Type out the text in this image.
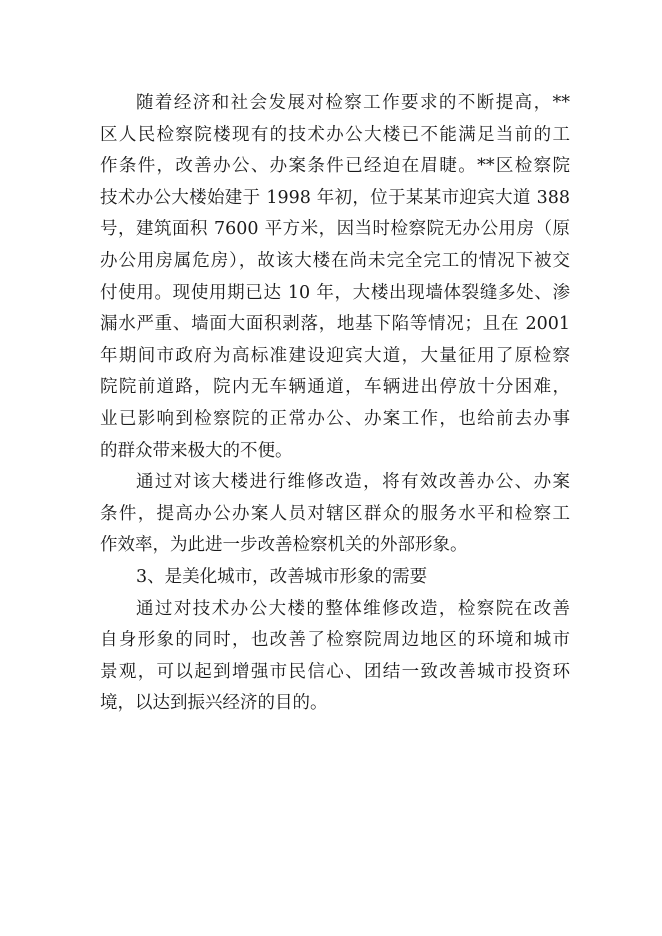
随着经济和社会发展对检察工作要求的不断提高，**
区人民检察院楼现有的技术办公大楼已不能满足当前的工
作条件，改善办公、办案条件已经迫在眉睫。**区检察院
技术办公大楼始建于 1998 年初，位于某某市迎宾大道 388
号，建筑面积 7600 平方米，因当时检察院无办公用房（原
办公用房属危房），故该大楼在尚未完全完工的情况下被交
付使用。现使用期已达 10 年，大楼出现墙体裂缝多处、渗
漏水严重、墙面大面积剥落，地基下陷等情况；且在 2001
年期间市政府为高标准建设迎宾大道，大量征用了原检察
院院前道路，院内无车辆通道，车辆进出停放十分困难，
业已影响到检察院的正常办公、办案工作，也给前去办事
的群众带来极大的不便。
通过对该大楼进行维修改造，将有效改善办公、办案
条件，提高办公办案人员对辖区群众的服务水平和检察工
作效率，为此进一步改善检察机关的外部形象。
3、是美化城市，改善城市形象的需要
通过对技术办公大楼的整体维修改造，检察院在改善
自身形象的同时，也改善了检察院周边地区的环境和城市
景观，可以起到增强市民信心、团结一致改善城市投资环
境，以达到振兴经济的目的。
